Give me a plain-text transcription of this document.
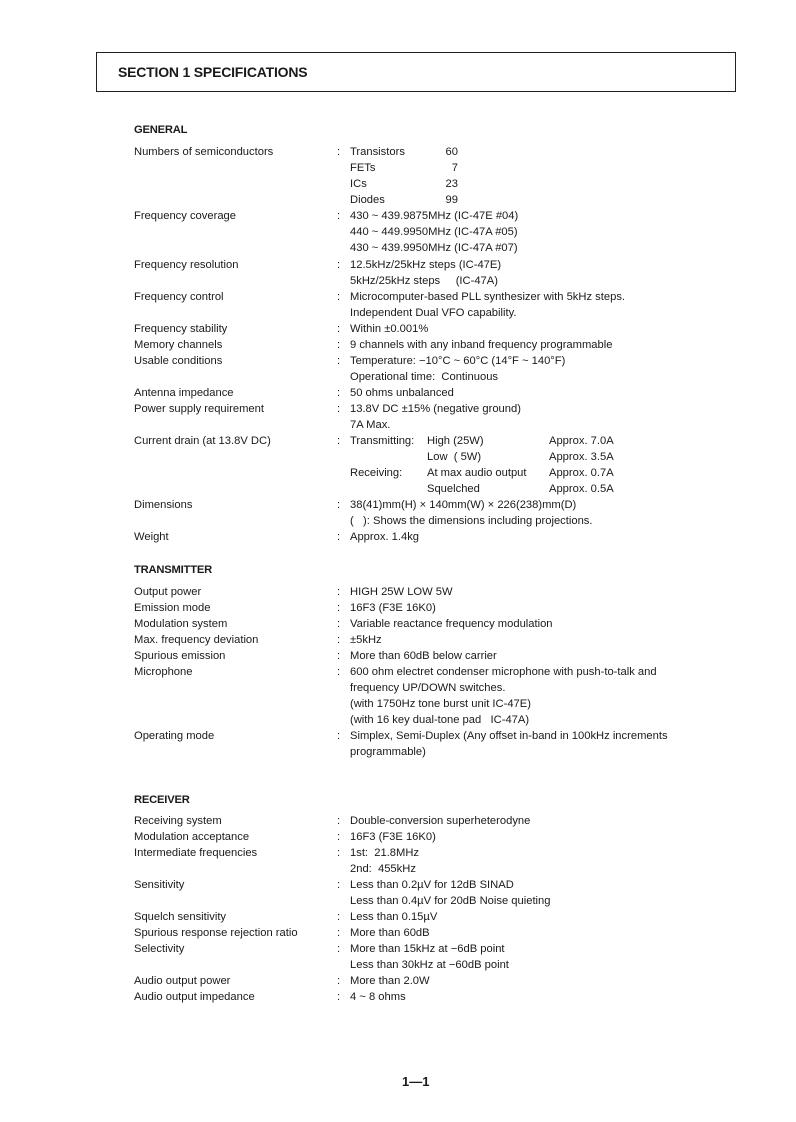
SECTION 1 SPECIFICATIONS
GENERAL
Numbers of semiconductors	: Transistors	60
FETs	7
ICs	23
Diodes	99
Frequency coverage	: 430 ~ 439.9875MHz (IC-47E #04)
440 ~ 449.9950MHz (IC-47A #05)
430 ~ 439.9950MHz (IC-47A #07)
Frequency resolution	: 12.5kHz/25kHz steps (IC-47E)
5kHz/25kHz steps     (IC-47A)
Frequency control	: Microcomputer-based PLL synthesizer with 5kHz steps.
Independent Dual VFO capability.
Frequency stability	: Within ±0.001%
Memory channels	: 9 channels with any inband frequency programmable
Usable conditions	: Temperature: −10°C ~ 60°C (14°F ~ 140°F)
Operational time:  Continuous
Antenna impedance	: 50 ohms unbalanced
Power supply requirement	: 13.8V DC ±15% (negative ground)
7A Max.
Current drain (at 13.8V DC)	: Transmitting: High (25W)	Approx. 7.0A
Low  ( 5W)	Approx. 3.5A
Receiving: At max audio output Approx. 0.7A
Squelched	Approx. 0.5A
Dimensions	: 38(41)mm(H) × 140mm(W) × 226(238)mm(D)
(   ): Shows the dimensions including projections.
Weight	: Approx. 1.4kg
TRANSMITTER
Output power	: HIGH 25W LOW 5W
Emission mode	: 16F3 (F3E 16K0)
Modulation system	: Variable reactance frequency modulation
Max. frequency deviation	: ±5kHz
Spurious emission	: More than 60dB below carrier
Microphone	: 600 ohm electret condenser microphone with push-to-talk and
frequency UP/DOWN switches.
(with 1750Hz tone burst unit IC-47E)
(with 16 key dual-tone pad   IC-47A)
Operating mode	: Simplex, Semi-Duplex (Any offset in-band in 100kHz increments
programmable)
RECEIVER
Receiving system	: Double-conversion superheterodyne
Modulation acceptance	: 16F3 (F3E 16K0)
Intermediate frequencies	: 1st:  21.8MHz
2nd:  455kHz
Sensitivity	: Less than 0.2µV for 12dB SINAD
Less than 0.4µV for 20dB Noise quieting
Squelch sensitivity	: Less than 0.15µV
Spurious response rejection ratio	: More than 60dB
Selectivity	: More than 15kHz at −6dB point
Less than 30kHz at −60dB point
Audio output power	: More than 2.0W
Audio output impedance	: 4 ~ 8 ohms
1—1
